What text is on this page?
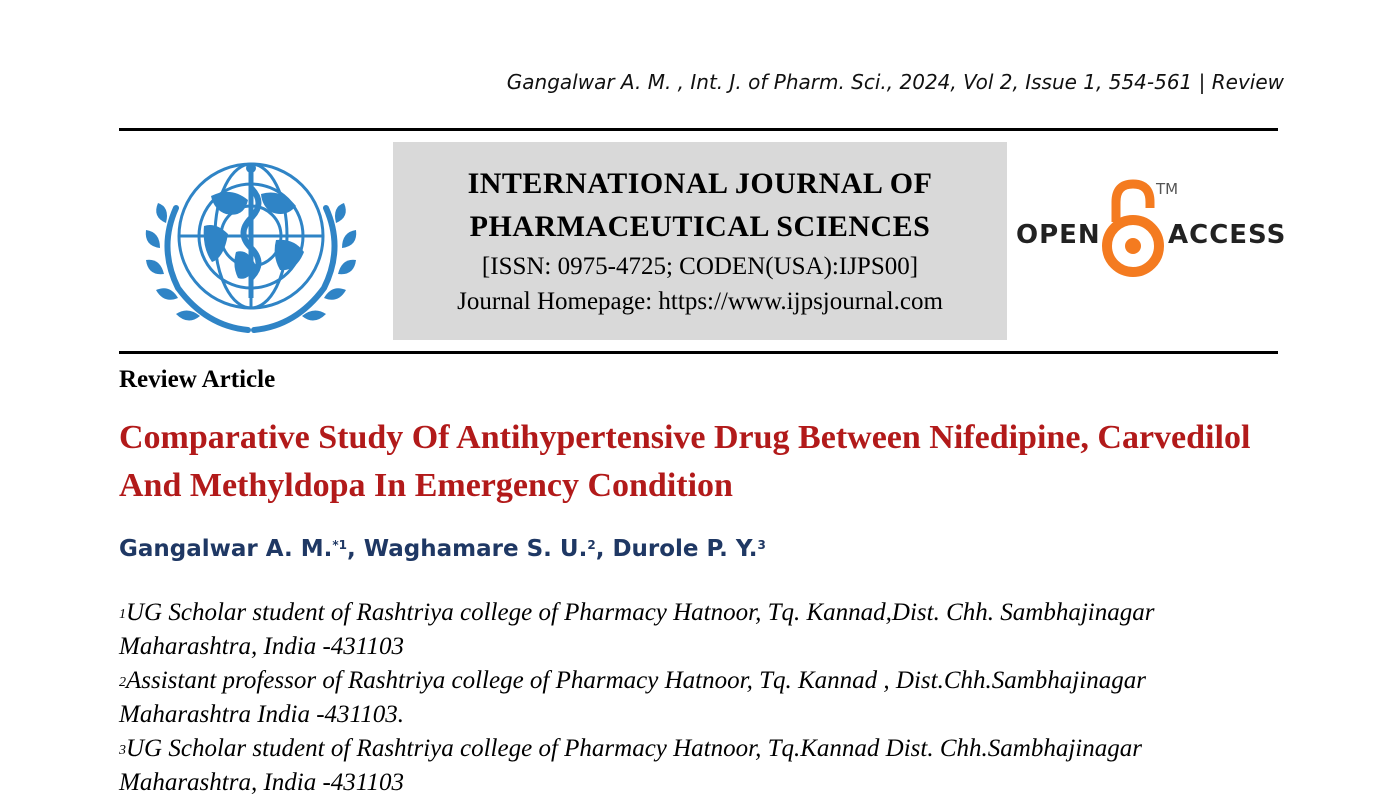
Gangalwar A. M. , Int. J. of Pharm. Sci., 2024, Vol 2, Issue 1, 554-561 | Review
INTERNATIONAL JOURNAL OF
PHARMACEUTICAL SCIENCES
[ISSN: 0975-4725; CODEN(USA):IJPS00]
Journal Homepage: https://www.ijpsjournal.com
OPEN
TM
ACCESS
Review Article
Comparative Study Of Antihypertensive Drug Between Nifedipine, Carvedilol And Methyldopa In Emergency Condition
Gangalwar A. M.$^{*1}$, Waghamare S. U.$^2$, Durole P. Y.$^3$

$^1$UG Scholar student of Rashtriya college of Pharmacy Hatnoor, Tq. Kannad,Dist. Chh. Sambhajinagar Maharashtra, India -431103

$^2$Assistant professor of Rashtriya college of Pharmacy Hatnoor, Tq. Kannad , Dist.Chh.Sambhajinagar Maharashtra India -431103.

$^3$UG Scholar student of Rashtriya college of Pharmacy Hatnoor, Tq.Kannad Dist. Chh.Sambhajinagar Maharashtra, India -431103
